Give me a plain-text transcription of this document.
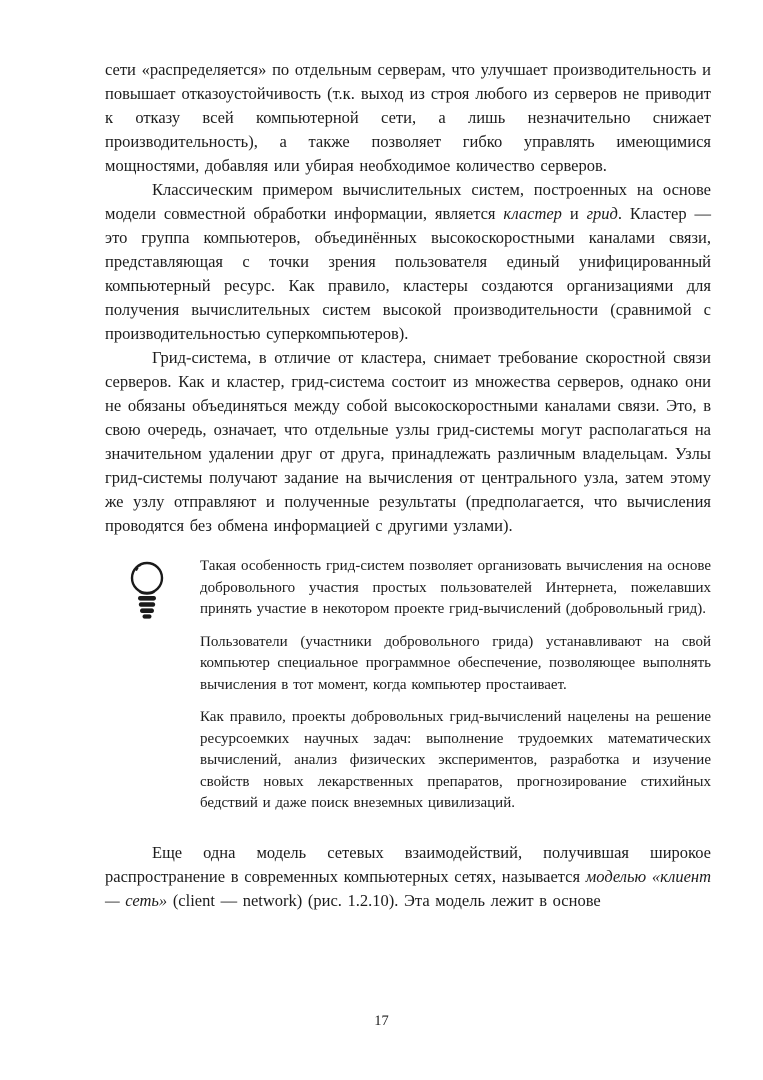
сети «распределяется» по отдельным серверам, что улучшает производительность и повышает отказоустойчивость (т.к. выход из строя любого из серверов не приводит к отказу всей компьютерной сети, а лишь незначительно снижает производительность), а также позволяет гибко управлять имеющимися мощностями, добавляя или убирая необходимое количество серверов.

Классическим примером вычислительных систем, построенных на основе модели совместной обработки информации, является кластер и грид. Кластер — это группа компьютеров, объединённых высокоскоростными каналами связи, представляющая с точки зрения пользователя единый унифицированный компьютерный ресурс. Как правило, кластеры создаются организациями для получения вычислительных систем высокой производительности (сравнимой с производительностью суперкомпьютеров).

Грид-система, в отличие от кластера, снимает требование скоростной связи серверов. Как и кластер, грид-система состоит из множества серверов, однако они не обязаны объединяться между собой высокоскоростными каналами связи. Это, в свою очередь, означает, что отдельные узлы грид-системы могут располагаться на значительном удалении друг от друга, принадлежать различным владельцам. Узлы грид-системы получают задание на вычисления от центрального узла, затем этому же узлу отправляют и полученные результаты (предполагается, что вычисления проводятся без обмена информацией с другими узлами).

Такая особенность грид-систем позволяет организовать вычисления на основе добровольного участия простых пользователей Интернета, пожелавших принять участие в некотором проекте грид-вычислений (добровольный грид).

Пользователи (участники добровольного грида) устанавливают на свой компьютер специальное программное обеспечение, позволяющее выполнять вычисления в тот момент, когда компьютер простаивает.

Как правило, проекты добровольных грид-вычислений нацелены на решение ресурсоемких научных задач: выполнение трудоемких математических вычислений, анализ физических экспериментов, разработка и изучение свойств новых лекарственных препаратов, прогнозирование стихийных бедствий и даже поиск внеземных цивилизаций.

Еще одна модель сетевых взаимодействий, получившая широкое распространение в современных компьютерных сетях, называется моделью «клиент — сеть» (client — network) (рис. 1.2.10). Эта модель лежит в основе

17
